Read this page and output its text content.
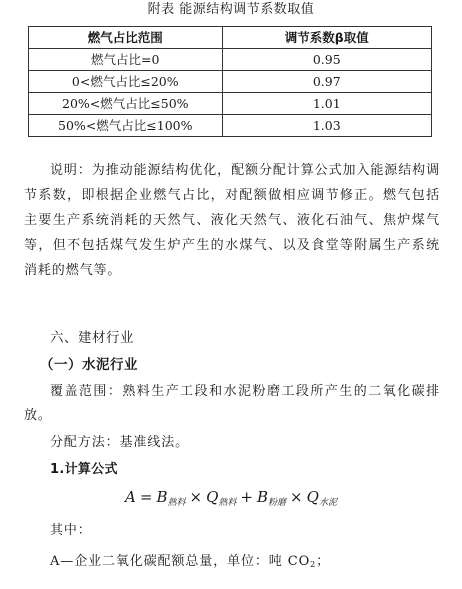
附表 能源结构调节系数取值
燃气占比范围	调节系数β取值
燃气占比=0	0.95
0<燃气占比≤20%	0.97
20%<燃气占比≤50%	1.01
50%<燃气占比≤100%	1.03
说明：为推动能源结构优化，配额分配计算公式加入能源结构调节系数，即根据企业燃气占比，对配额做相应调节修正。燃气包括主要生产系统消耗的天然气、液化天然气、液化石油气、焦炉煤气等，但不包括煤气发生炉产生的水煤气、以及食堂等附属生产系统消耗的燃气等。
六、建材行业
（一）水泥行业
覆盖范围：熟料生产工段和水泥粉磨工段所产生的二氧化碳排放。
分配方法：基准线法。
1.计算公式
$A = B_{熟料} \times Q_{熟料} + B_{粉磨} \times Q_{水泥}$
其中：
A—企业二氧化碳配额总量，单位：吨 $CO_2$；
